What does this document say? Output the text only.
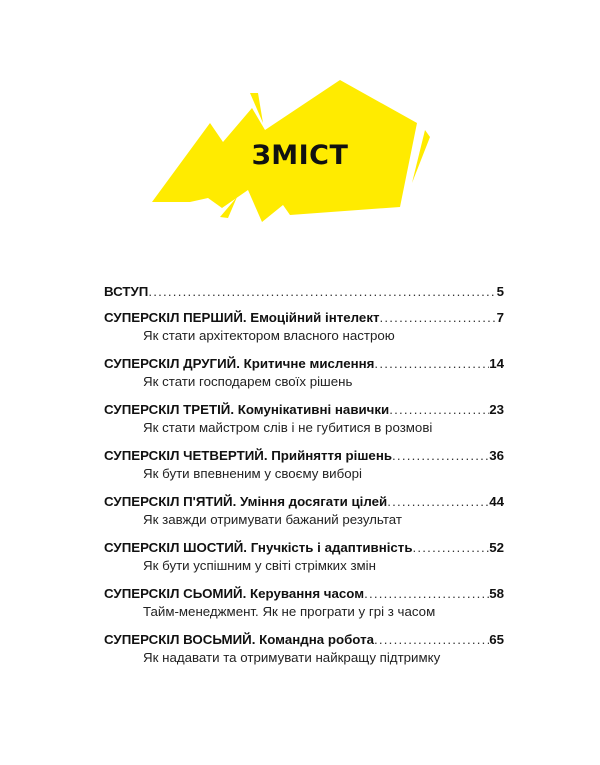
ЗМІСТ
ВСТУП .....	5
СУПЕРСКІЛ ПЕРШИЙ. Емоційний інтелект .....	7
Як стати архітектором власного настрою
СУПЕРСКІЛ ДРУГИЙ. Критичне мислення .....	14
Як стати господарем своїх рішень
СУПЕРСКІЛ ТРЕТІЙ. Комунікативні навички .....	23
Як стати майстром слів і не губитися в розмові
СУПЕРСКІЛ ЧЕТВЕРТИЙ. Прийняття рішень .....	36
Як бути впевненим у своєму виборі
СУПЕРСКІЛ П'ЯТИЙ. Уміння досягати цілей .....	44
Як завжди отримувати бажаний результат
СУПЕРСКІЛ ШОСТИЙ. Гнучкість і адаптивність .....	52
Як бути успішним у світі стрімких змін
СУПЕРСКІЛ СЬОМИЙ. Керування часом .....	58
Тайм-менеджмент. Як не програти у грі з часом
СУПЕРСКІЛ ВОСЬМИЙ. Командна робота .....	65
Як надавати та отримувати найкращу підтримку
